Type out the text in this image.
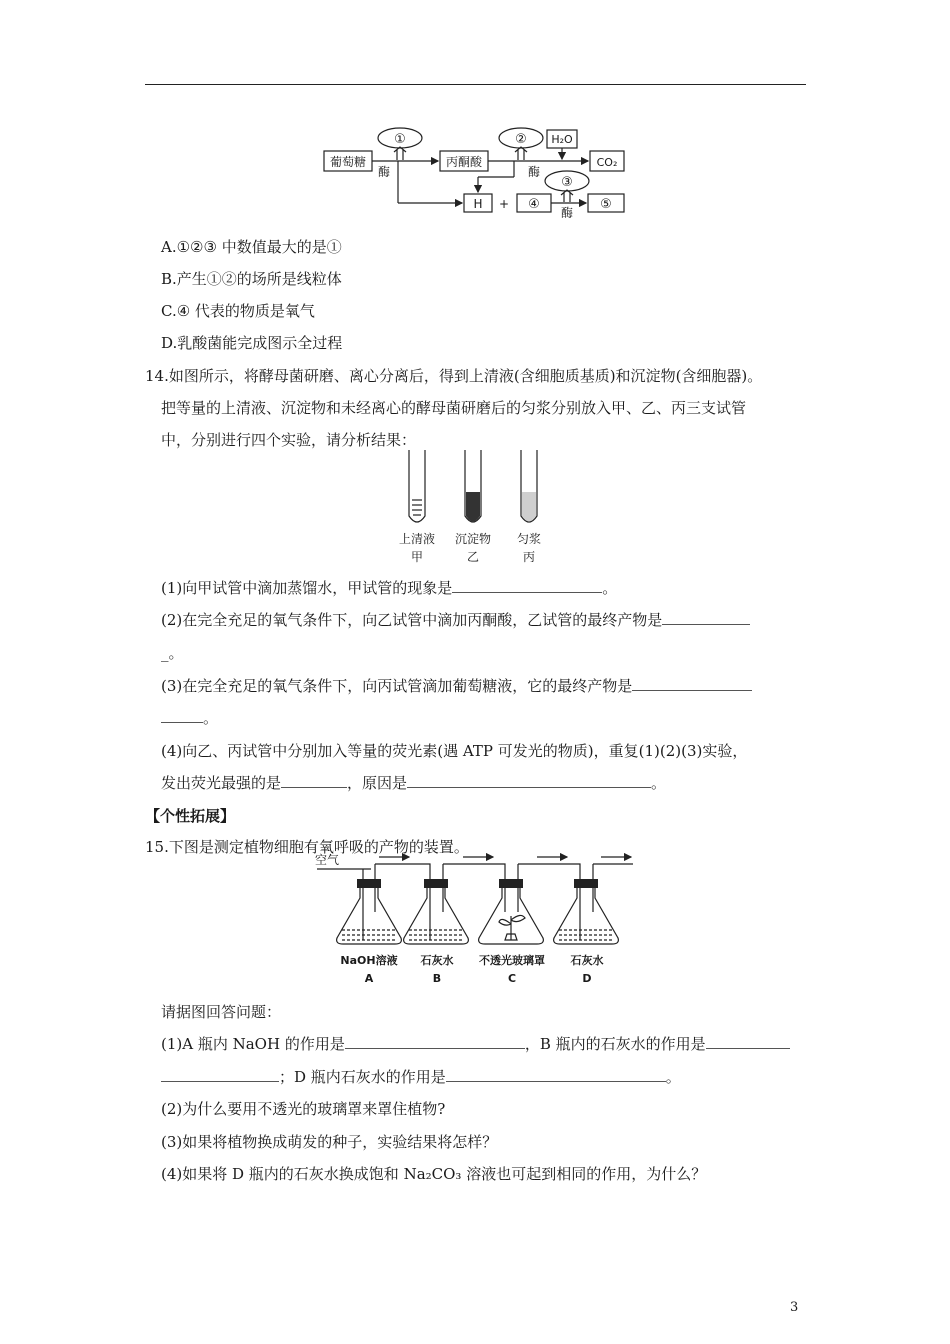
葡萄糖
①
酶
丙酮酸
② H₂O
酶
CO₂
H + ④
③
酶
⑤
A.①②③ 中数值最大的是①
B.产生①②的场所是线粒体
C.④ 代表的物质是氧气
D.乳酸菌能完成图示全过程
14.如图所示，将酵母菌研磨、离心分离后，得到上清液(含细胞质基质)和沉淀物(含细胞器)。
把等量的上清液、沉淀物和未经离心的酵母菌研磨后的匀浆分别放入甲、乙、丙三支试管
中，分别进行四个实验，请分析结果：
上清液
甲
沉淀物
乙
匀浆
丙
(1)向甲试管中滴加蒸馏水，甲试管的现象是	。
(2)在完全充足的氧气条件下，向乙试管中滴加丙酮酸，乙试管的最终产物是
_。
(3)在完全充足的氧气条件下，向丙试管滴加葡萄糖液，它的最终产物是
。
(4)向乙、丙试管中分别加入等量的荧光素(遇 ATP 可发光的物质)，重复(1)(2)(3)实验，
发出荧光最强的是	，原因是	。
【个性拓展】
15.下图是测定植物细胞有氧呼吸的产物的装置。
空气
NaOH溶液
A
石灰水
B
不透光玻璃罩
C
石灰水
D
请据图回答问题：
(1)A 瓶内 NaOH 的作用是	，B 瓶内的石灰水的作用是
；D 瓶内石灰水的作用是	。
(2)为什么要用不透光的玻璃罩来罩住植物?
(3)如果将植物换成萌发的种子，实验结果将怎样？
(4)如果将 D 瓶内的石灰水换成饱和 Na₂CO₃ 溶液也可起到相同的作用，为什么？
3
